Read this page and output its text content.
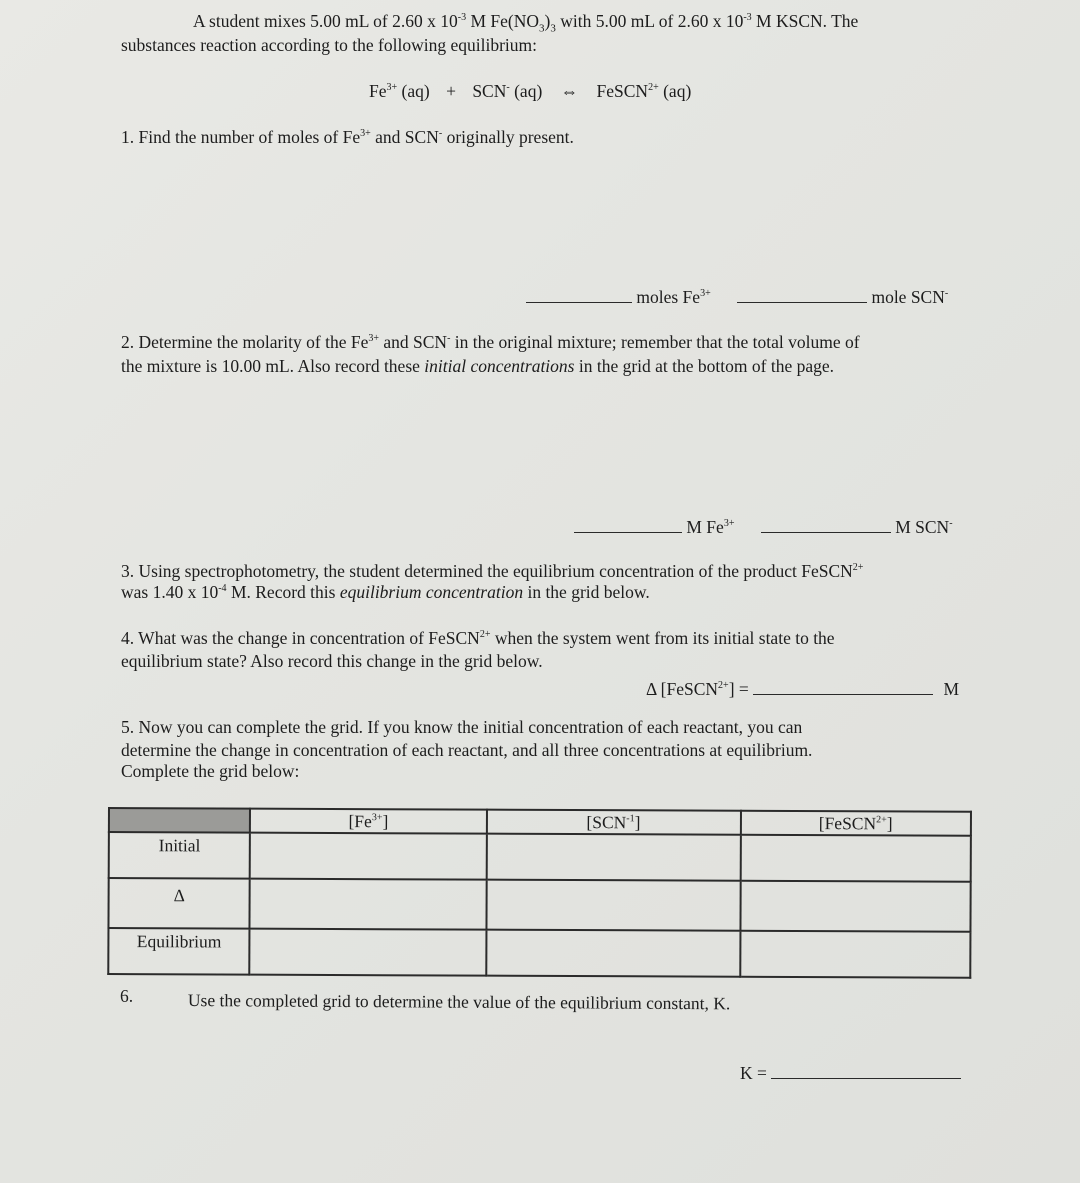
A student mixes 5.00 mL of 2.60 x $10^{-3}$ M $Fe(NO_3)_3$ with 5.00 mL of 2.60 x $10^{-3}$ M KSCN. The
substances reaction according to the following equilibrium:
$Fe^{3+}$ (aq) + SCN- (aq) ⇔ FeSCN$^{2+}$ (aq)
1. Find the number of moles of $Fe^{3+}$ and SCN- originally present.
moles $Fe^{3+}$	mole SCN-
2. Determine the molarity of the $Fe^{3+}$ and SCN- in the original mixture; remember that the total volume of
the mixture is 10.00 mL. Also record these initial concentrations in the grid at the bottom of the page.
M $Fe^{3+}$	M SCN-
3. Using spectrophotometry, the student determined the equilibrium concentration of the product FeSCN$^{2+}$
was 1.40 x $10^{-4}$ M. Record this equilibrium concentration in the grid below.
4. What was the change in concentration of FeSCN$^{2+}$ when the system went from its initial state to the
equilibrium state? Also record this change in the grid below.
Δ [FeSCN$^{2+}$] =	M
5. Now you can complete the grid. If you know the initial concentration of each reactant, you can
determine the change in concentration of each reactant, and all three concentrations at equilibrium.
Complete the grid below:
	$[Fe^{3+}]$	$[SCN^{-1}]$	[FeSCN$^{2+}$]
Initial			
Δ			
Equilibrium			
6.	Use the completed grid to determine the value of the equilibrium constant, K.
K =
